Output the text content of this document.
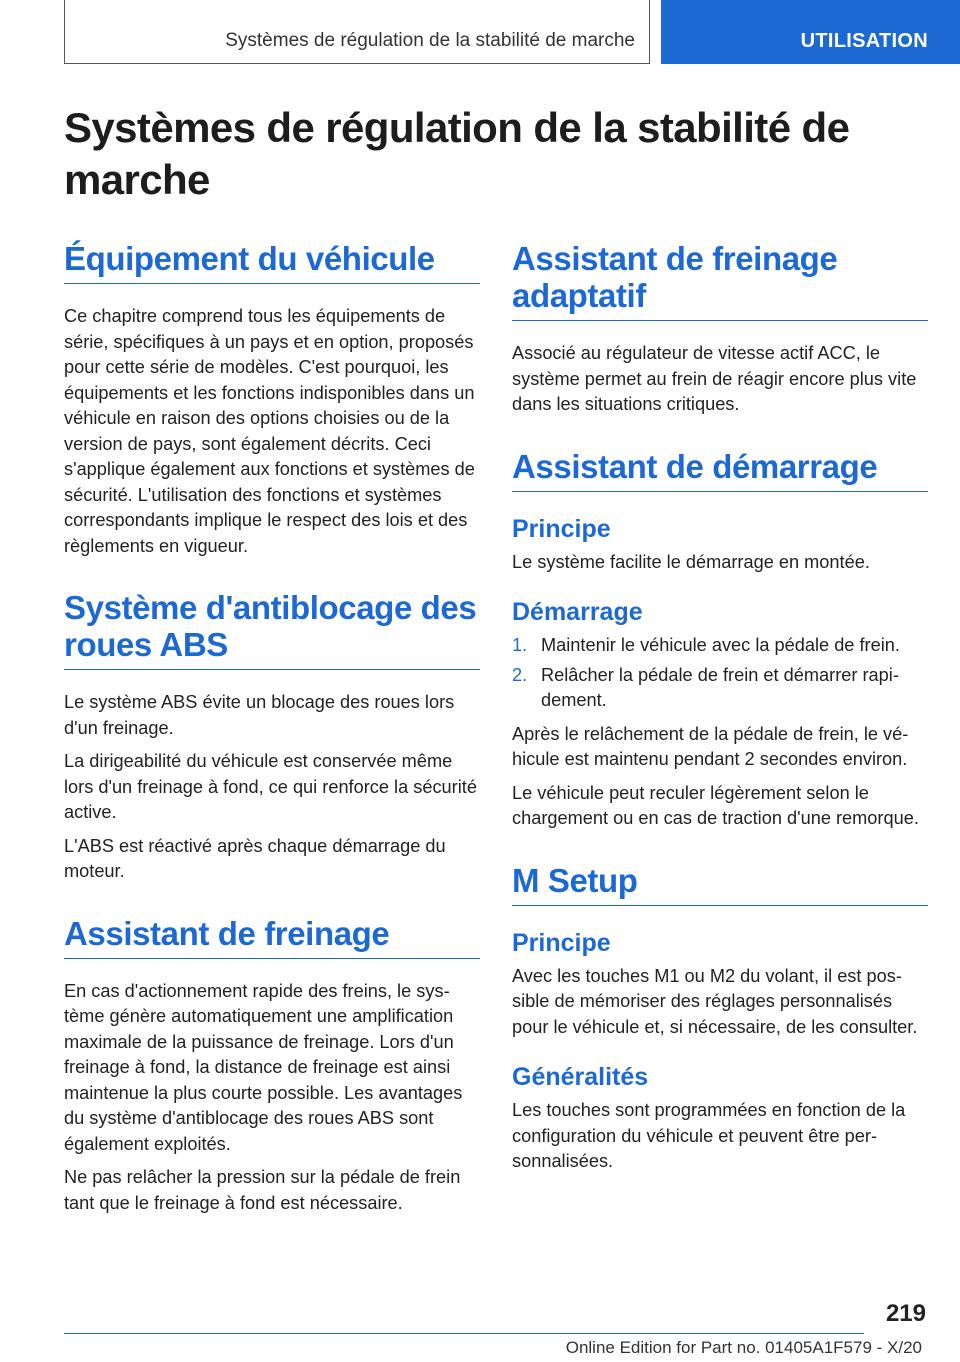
Systèmes de régulation de la stabilité de marche	UTILISATION
Systèmes de régulation de la stabilité de marche
Équipement du véhicule

Ce chapitre comprend tous les équipements de série, spécifiques à un pays et en option, proposés pour cette série de modèles. C'est pourquoi, les équipements et les fonctions indisponibles dans un véhicule en raison des options choisies ou de la version de pays, sont également décrits. Ceci s'applique également aux fonctions et systèmes de sécurité. L'utilisation des fonctions et systèmes correspondants implique le respect des lois et des règlements en vigueur.

Système d'antiblocage des roues ABS

Le système ABS évite un blocage des roues lors d'un freinage.

La dirigeabilité du véhicule est conservée même lors d'un freinage à fond, ce qui renforce la sécurité active.

L'ABS est réactivé après chaque démarrage du moteur.

Assistant de freinage

En cas d'actionnement rapide des freins, le système génère automatiquement une amplification maximale de la puissance de freinage. Lors d'un freinage à fond, la distance de freinage est ainsi maintenue la plus courte possible. Les avantages du système d'antiblocage des roues ABS sont également exploités.

Ne pas relâcher la pression sur la pédale de frein tant que le freinage à fond est nécessaire.

Assistant de freinage adaptatif

Associé au régulateur de vitesse actif ACC, le système permet au frein de réagir encore plus vite dans les situations critiques.

Assistant de démarrage
Principe

Le système facilite le démarrage en montée.

Démarrage
1. Maintenir le véhicule avec la pédale de frein.
2. Relâcher la pédale de frein et démarrer rapidement.

Après le relâchement de la pédale de frein, le véhicule est maintenu pendant 2 secondes environ.

Le véhicule peut reculer légèrement selon le chargement ou en cas de traction d'une remorque.

M Setup
Principe

Avec les touches M1 ou M2 du volant, il est possible de mémoriser des réglages personnalisés pour le véhicule et, si nécessaire, de les consulter.

Généralités

Les touches sont programmées en fonction de la configuration du véhicule et peuvent être personnalisées.

219
Online Edition for Part no. 01405A1F579 - X/20
